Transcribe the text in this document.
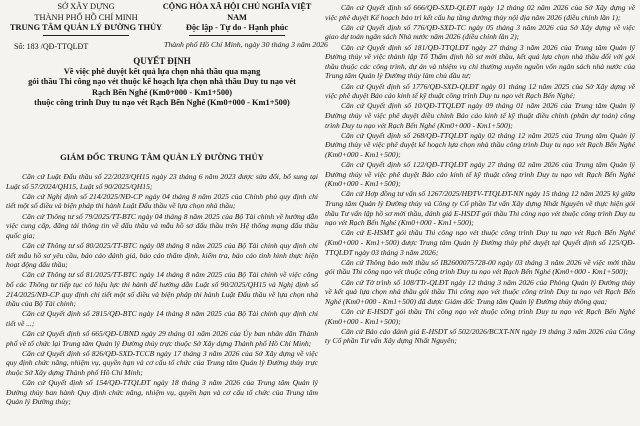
SỞ XÂY DỰNG
THÀNH PHỐ HỒ CHÍ MINH
TRUNG TÂM QUẢN LÝ ĐƯỜNG THỦY
Số: 183 /QĐ-TTQLĐT
CỘNG HÒA XÃ HỘI CHỦ NGHĨA VIỆT NAM
Độc lập - Tự do - Hạnh phúc
Thành phố Hồ Chí Minh, ngày 30 tháng 3 năm 2026
QUYẾT ĐỊNH
Về việc phê duyệt kết quả lựa chọn nhà thầu qua mạng
gói thầu Thi công nạo vét thuộc kế hoạch lựa chọn nhà thầu Duy tu nạo vét
Rạch Bến Nghé (Km0+000 - Km1+500)
thuộc công trình Duy tu nạo vét Rạch Bến Nghé (Km0+000 - Km1+500)
GIÁM ĐỐC TRUNG TÂM QUẢN LÝ ĐƯỜNG THỦY

Căn cứ Luật Đấu thầu số 22/2023/QH15 ngày 23 tháng 6 năm 2023 được sửa đổi, bổ sung tại Luật số 57/2024/QH15, Luật số 90/2025/QH15;

Căn cứ Nghị định số 214/2025/NĐ-CP ngày 04 tháng 8 năm 2025 của Chính phủ quy định chi tiết một số điều và biện pháp thi hành Luật Đấu thầu về lựa chọn nhà thầu;

Căn cứ Thông tư số 79/2025/TT-BTC ngày 04 tháng 8 năm 2025 của Bộ Tài chính về hướng dẫn việc cung cấp, đăng tải thông tin về đấu thầu và mẫu hồ sơ đấu thầu trên Hệ thống mạng đấu thầu quốc gia;

Căn cứ Thông tư số 80/2025/TT-BTC ngày 08 tháng 8 năm 2025 của Bộ Tài chính quy định chi tiết mẫu hồ sơ yêu cầu, báo cáo đánh giá, báo cáo thẩm định, kiểm tra, báo cáo tình hình thực hiện hoạt động đấu thầu;

Căn cứ Thông tư số 81/2025/TT-BTC ngày 14 tháng 8 năm 2025 của Bộ Tài chính về việc công bố các Thông tư tiếp tục có hiệu lực thi hành để hướng dẫn Luật số 90/2025/QH15 và Nghị định số 214/2025/NĐ-CP quy định chi tiết một số điều và biện pháp thi hành Luật Đấu thầu về lựa chọn nhà thầu của Bộ Tài chính;

Căn cứ Quyết định số 2815/QĐ-BTC ngày 14 tháng 8 năm 2025 của Bộ Tài chính quy định chi tiết về ...;

Căn cứ Quyết định số 665/QĐ-UBND ngày 29 tháng 01 năm 2026 của Ủy ban nhân dân Thành phố về tổ chức lại Trung tâm Quản lý Đường thủy trực thuộc Sở Xây dựng Thành phố Hồ Chí Minh;

Căn cứ Quyết định số 826/QĐ-SXD-TCCB ngày 17 tháng 3 năm 2026 của Sở Xây dựng về việc quy định chức năng, nhiệm vụ, quyền hạn và cơ cấu tổ chức của Trung tâm Quản lý Đường thủy trực thuộc Sở Xây dựng Thành phố Hồ Chí Minh;

Căn cứ Quyết định số 154/QĐ-TTQLĐT ngày 18 tháng 3 năm 2026 của Trung tâm Quản lý Đường thủy ban hành Quy định chức năng, nhiệm vụ, quyền hạn và cơ cấu tổ chức của Trung tâm Quản lý Đường thủy;

Căn cứ Quyết định số 666/QĐ-SXD-QLĐT ngày 12 tháng 02 năm 2026 của Sở Xây dựng về việc phê duyệt Kế hoạch bảo trì kết cấu hạ tầng đường thủy nội địa năm 2026 (điều chỉnh lần 1);

Căn cứ Quyết định số 776/QĐ-SXD-TC ngày 05 tháng 3 năm 2026 của Sở Xây dựng về việc giao dự toán ngân sách Nhà nước năm 2026 (điều chỉnh lần 2);

Căn cứ Quyết định số 181/QĐ-TTQLĐT ngày 27 tháng 3 năm 2026 của Trung tâm Quản lý Đường thủy về việc thành lập Tổ Thẩm định hồ sơ mời thầu, kết quả lựa chọn nhà thầu đối với gói thầu thuộc các công trình, dự án và nhiệm vụ chi thường xuyên nguồn vốn ngân sách nhà nước của Trung tâm Quản lý Đường thủy làm chủ đầu tư;

Căn cứ Quyết định số 1776/QĐ-SXD-QLĐT ngày 01 tháng 12 năm 2025 của Sở Xây dựng về việc phê duyệt Báo cáo kinh tế kỹ thuật công trình Duy tu nạo vét Rạch Bến Nghé;

Căn cứ Quyết định số 10/QĐ-TTQLĐT ngày 09 tháng 01 năm 2026 của Trung tâm Quản lý Đường thủy về việc phê duyệt điều chỉnh Báo cáo kinh tế kỹ thuật điều chỉnh (phân dự toán) công trình Duy tu nạo vét Rạch Bến Nghé (Km0+000 - Km1+500);

Căn cứ Quyết định số 268/QĐ-TTQLĐT ngày 02 tháng 12 năm 2025 của Trung tâm Quản lý Đường thủy về việc phê duyệt kế hoạch lựa chọn nhà thầu công trình Duy tu nạo vét Rạch Bến Nghé (Km0+000 - Km1+500);

Căn cứ Quyết định số 122/QĐ-TTQLĐT ngày 27 tháng 02 năm 2026 của Trung tâm Quản lý Đường thủy về việc phê duyệt Báo cáo kinh tế kỹ thuật công trình Duy tu nạo vét Rạch Bến Nghé (Km0+000 - Km1+500);

Căn cứ Hợp đồng tư vấn số 1267/2025/HĐTV-TTQLĐT-NN ngày 15 tháng 12 năm 2025 ký giữa Trung tâm Quản lý Đường thủy và Công ty Cổ phần Tư vấn Xây dựng Nhất Nguyên về thực hiện gói thầu Tư vấn lập hồ sơ mời thầu, đánh giá E-HSDT gói thầu Thi công nạo vét thuộc công trình Duy tu nạo vét Rạch Bến Nghé (Km0+000 - Km1+500);

Căn cứ E-HSMT gói thầu Thi công nạo vét thuộc công trình Duy tu nạo vét Rạch Bến Nghé (Km0+000 - Km1+500) được Trung tâm Quản lý Đường thủy phê duyệt tại Quyết định số 125/QĐ-TTQLĐT ngày 03 tháng 3 năm 2026;

Căn cứ Thông báo mời thầu số IB2600075728-00 ngày 03 tháng 3 năm 2026 về việc mời thầu gói thầu Thi công nạo vét thuộc công trình Duy tu nạo vét Rạch Bến Nghé (Km0+000 - Km1+500);

Căn cứ Tờ trình số 108/TTr-QLĐT ngày 12 tháng 3 năm 2026 của Phòng Quản lý Đường thủy về kết quả lựa chọn nhà thầu gói thầu Thi công nạo vét thuộc công trình Duy tu nạo vét Rạch Bến Nghé (Km0+000 - Km1+500) đã được Giám đốc Trung tâm Quản lý Đường thủy thông qua;

Căn cứ E-HSDT gói thầu Thi công nạo vét thuộc công trình Duy tu nạo vét Rạch Bến Nghé (Km0+000 - Km1+500);

Căn cứ Báo cáo đánh giá E-HSDT số 502/2026/BCXT-NN ngày 19 tháng 3 năm 2026 của Công ty Cổ phần Tư vấn Xây dựng Nhất Nguyên;
